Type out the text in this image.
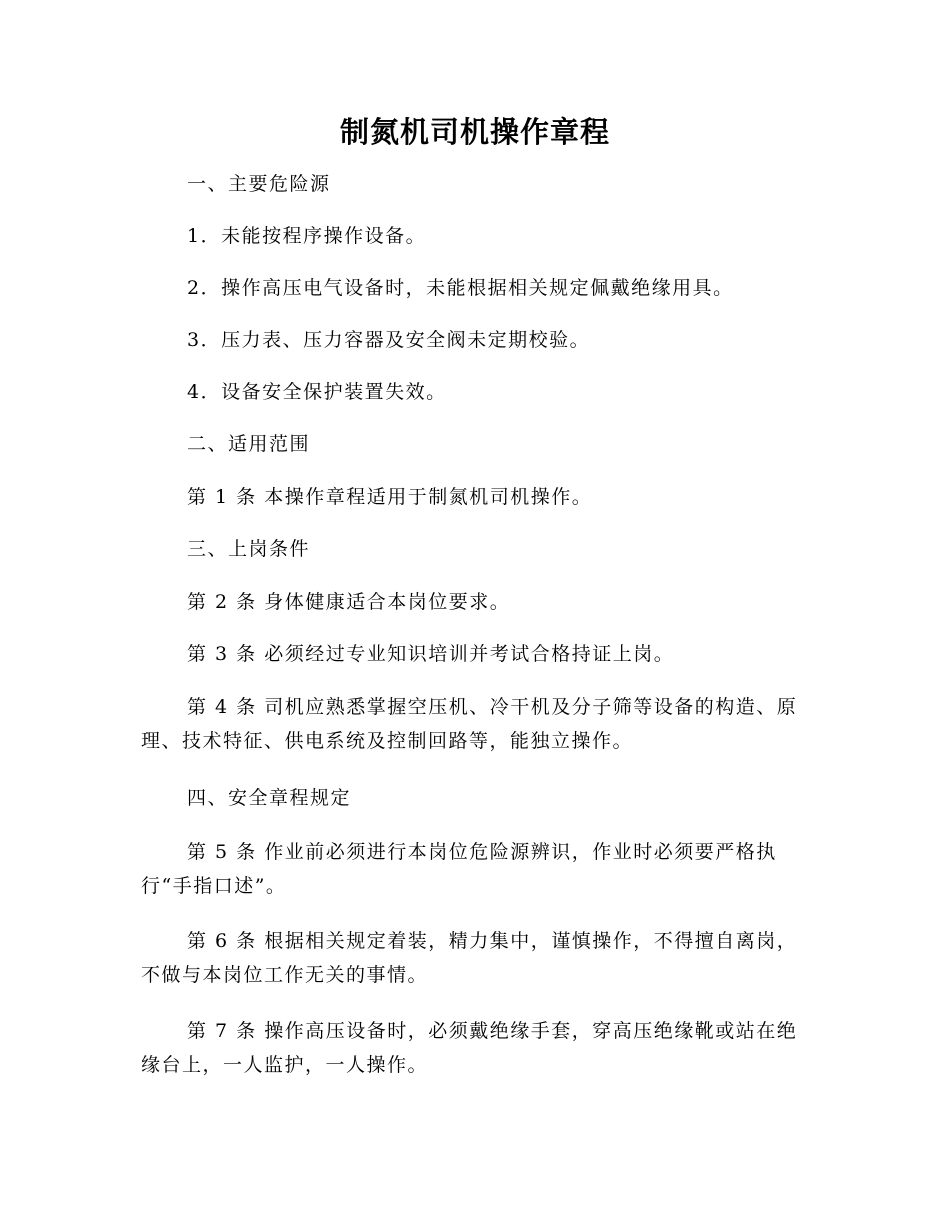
制氮机司机操作章程

一、主要危险源

1．未能按程序操作设备。

2．操作高压电气设备时，未能根据相关规定佩戴绝缘用具。

3．压力表、压力容器及安全阀未定期校验。

4．设备安全保护装置失效。

二、适用范围

第 1 条 本操作章程适用于制氮机司机操作。

三、上岗条件

第 2 条 身体健康适合本岗位要求。

第 3 条 必须经过专业知识培训并考试合格持证上岗。

第 4 条 司机应熟悉掌握空压机、冷干机及分子筛等设备的构造、原理、技术特征、供电系统及控制回路等，能独立操作。

四、安全章程规定

第 5 条 作业前必须进行本岗位危险源辨识，作业时必须要严格执行“手指口述”。

第 6 条 根据相关规定着装，精力集中，谨慎操作，不得擅自离岗，不做与本岗位工作无关的事情。

第 7 条 操作高压设备时，必须戴绝缘手套，穿高压绝缘靴或站在绝缘台上，一人监护，一人操作。
